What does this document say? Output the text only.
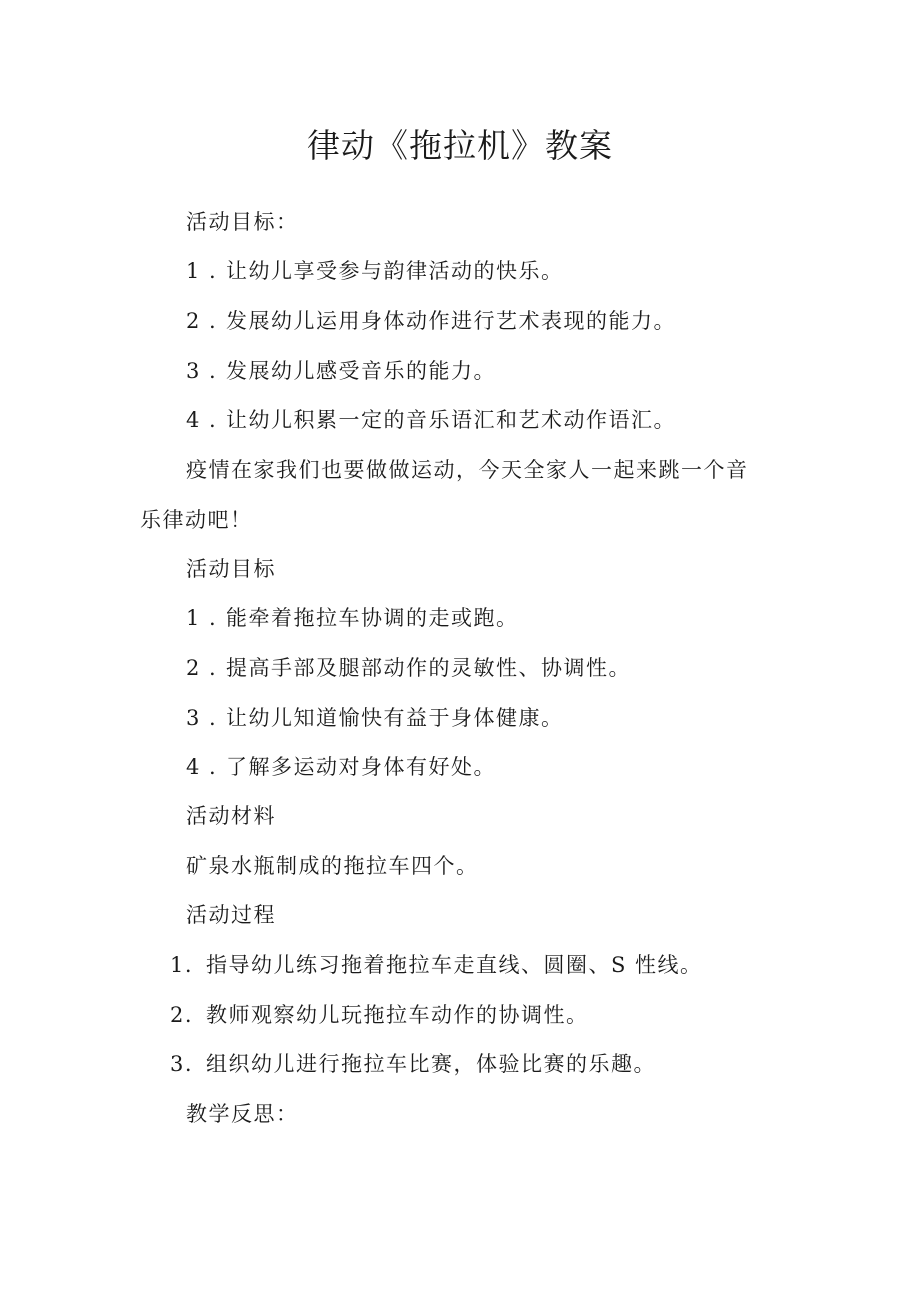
律动《拖拉机》教案
活动目标：
1 . 让幼儿享受参与韵律活动的快乐。
2 . 发展幼儿运用身体动作进行艺术表现的能力。
3 . 发展幼儿感受音乐的能力。
4 . 让幼儿积累一定的音乐语汇和艺术动作语汇。
疫情在家我们也要做做运动，今天全家人一起来跳一个音
乐律动吧！
活动目标
1 . 能牵着拖拉车协调的走或跑。
2 . 提高手部及腿部动作的灵敏性、协调性。
3 . 让幼儿知道愉快有益于身体健康。
4 . 了解多运动对身体有好处。
活动材料
矿泉水瓶制成的拖拉车四个。
活动过程
1. 指导幼儿练习拖着拖拉车走直线、圆圈、S 性线。
2. 教师观察幼儿玩拖拉车动作的协调性。
3. 组织幼儿进行拖拉车比赛，体验比赛的乐趣。
教学反思：
